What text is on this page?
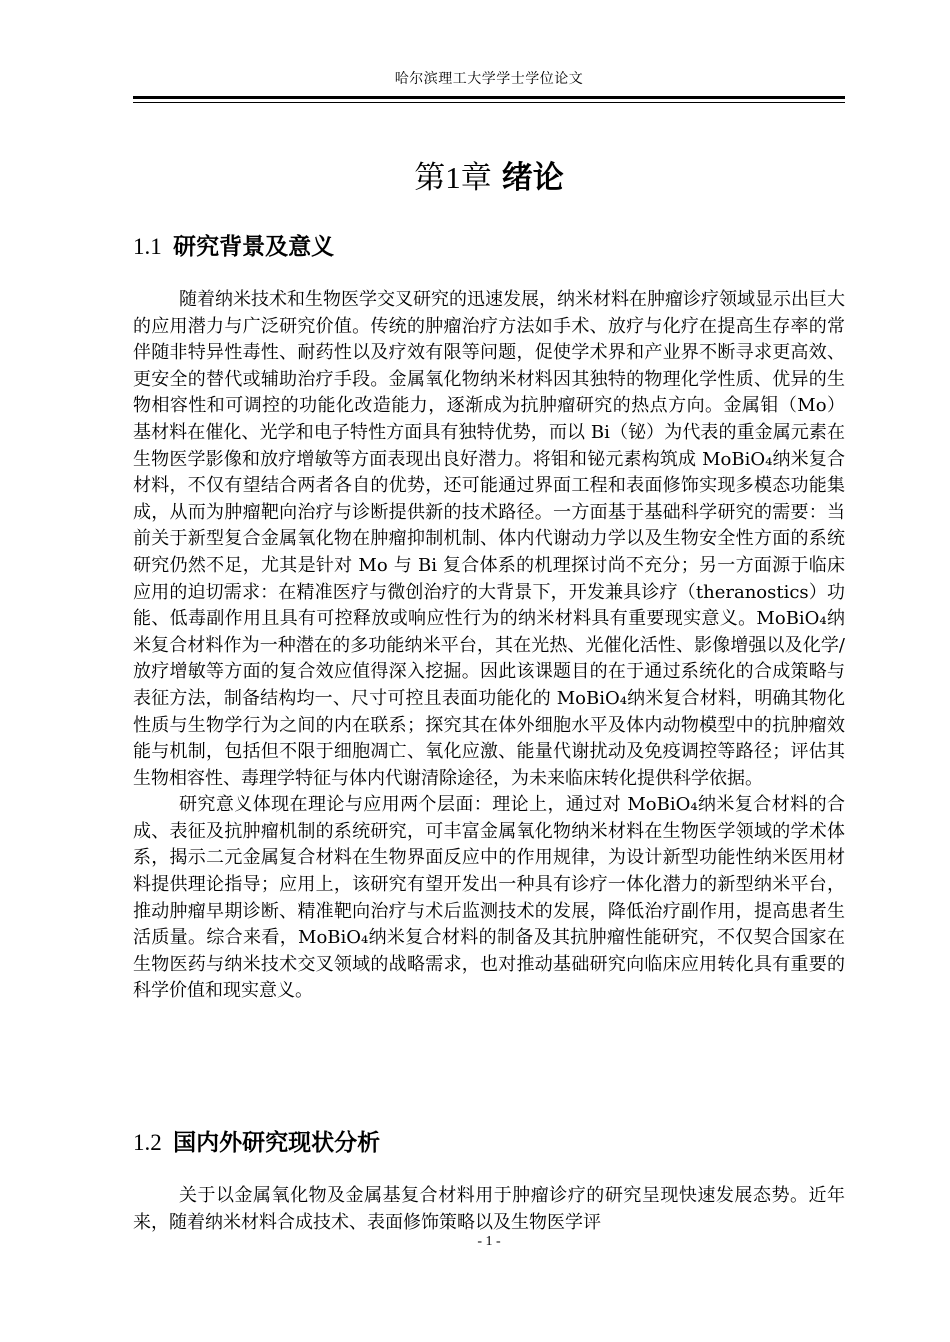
哈尔滨理工大学学士学位论文
第1章 绪论
1.1 研究背景及意义

随着纳米技术和生物医学交叉研究的迅速发展，纳米材料在肿瘤诊疗领域显示出巨大的应用潜力与广泛研究价值。传统的肿瘤治疗方法如手术、放疗与化疗在提高生存率的常伴随非特异性毒性、耐药性以及疗效有限等问题，促使学术界和产业界不断寻求更高效、更安全的替代或辅助治疗手段。金属氧化物纳米材料因其独特的物理化学性质、优异的生物相容性和可调控的功能化改造能力，逐渐成为抗肿瘤研究的热点方向。金属钼（Mo）基材料在催化、光学和电子特性方面具有独特优势，而以 Bi（铋）为代表的重金属元素在生物医学影像和放疗增敏等方面表现出良好潜力。将钼和铋元素构筑成 MoBiO₄纳米复合材料，不仅有望结合两者各自的优势，还可能通过界面工程和表面修饰实现多模态功能集成，从而为肿瘤靶向治疗与诊断提供新的技术路径。一方面基于基础科学研究的需要：当前关于新型复合金属氧化物在肿瘤抑制机制、体内代谢动力学以及生物安全性方面的系统研究仍然不足，尤其是针对 Mo 与 Bi 复合体系的机理探讨尚不充分；另一方面源于临床应用的迫切需求：在精准医疗与微创治疗的大背景下，开发兼具诊疗（theranostics）功能、低毒副作用且具有可控释放或响应性行为的纳米材料具有重要现实意义。MoBiO₄纳米复合材料作为一种潜在的多功能纳米平台，其在光热、光催化活性、影像增强以及化学/放疗增敏等方面的复合效应值得深入挖掘。因此该课题目的在于通过系统化的合成策略与表征方法，制备结构均一、尺寸可控且表面功能化的 MoBiO₄纳米复合材料，明确其物化性质与生物学行为之间的内在联系；探究其在体外细胞水平及体内动物模型中的抗肿瘤效能与机制，包括但不限于细胞凋亡、氧化应激、能量代谢扰动及免疫调控等路径；评估其生物相容性、毒理学特征与体内代谢清除途径，为未来临床转化提供科学依据。

研究意义体现在理论与应用两个层面：理论上，通过对 MoBiO₄纳米复合材料的合成、表征及抗肿瘤机制的系统研究，可丰富金属氧化物纳米材料在生物医学领域的学术体系，揭示二元金属复合材料在生物界面反应中的作用规律，为设计新型功能性纳米医用材料提供理论指导；应用上，该研究有望开发出一种具有诊疗一体化潜力的新型纳米平台，推动肿瘤早期诊断、精准靶向治疗与术后监测技术的发展，降低治疗副作用，提高患者生活质量。综合来看，MoBiO₄纳米复合材料的制备及其抗肿瘤性能研究，不仅契合国家在生物医药与纳米技术交叉领域的战略需求，也对推动基础研究向临床应用转化具有重要的科学价值和现实意义。

1.2 国内外研究现状分析

关于以金属氧化物及金属基复合材料用于肿瘤诊疗的研究呈现快速发展态势。近年来，随着纳米材料合成技术、表面修饰策略以及生物医学评

- 1 -
